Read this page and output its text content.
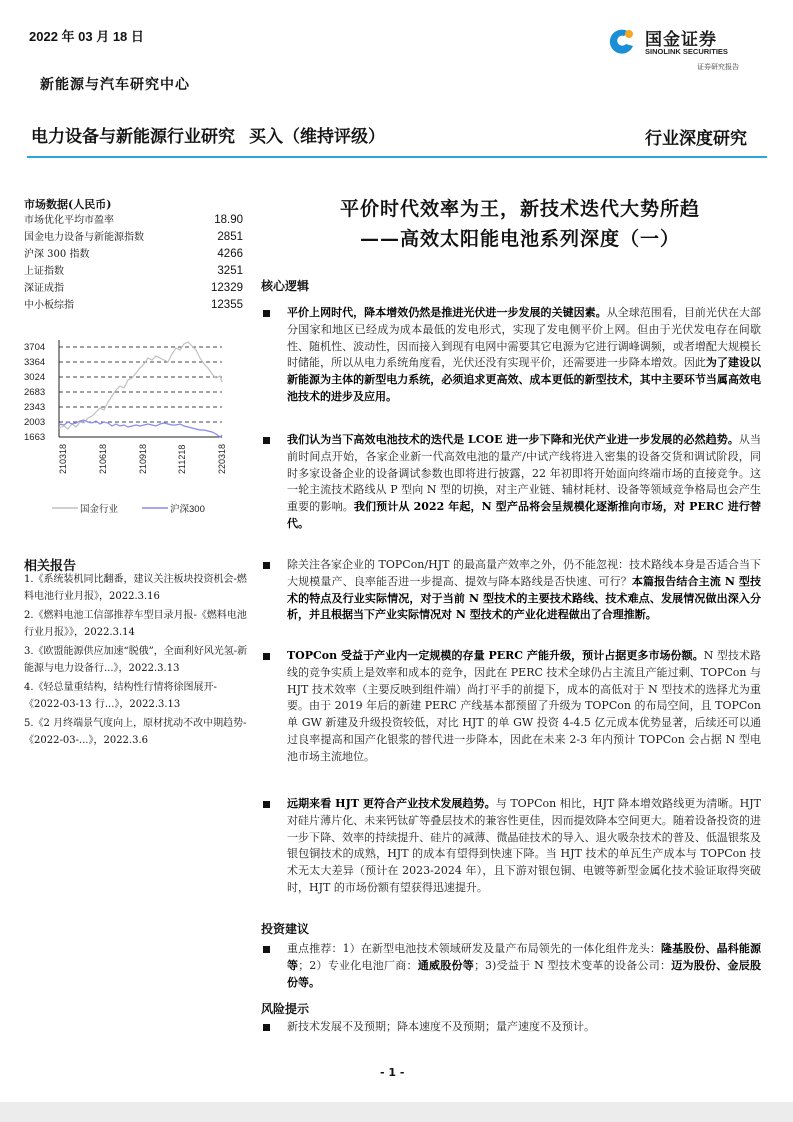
2022 年 03 月 18 日
新能源与汽车研究中心
电力设备与新能源行业研究 买入（维持评级）	行业深度研究
国金证券
SINOLINK SECURITIES
证券研究报告
市场数据(人民币)
市场优化平均市盈率	18.90
国金电力设备与新能源指数	2851
沪深 300 指数	4266
上证指数	3251
深证成指	12329
中小板综指	12355
3704
3364
3024
2683
2343
2003
1663
210318	210618	210918	211218	220318
国金行业	沪深300
相关报告
1.《系统装机同比翻番，建议关注板块投资机会-燃料电池行业月报》，2022.3.16
2.《燃料电池工信部推荐车型目录月报-《燃料电池行业月报》》，2022.3.14
3.《欧盟能源供应加速“脱俄”，全面利好风光氢-新能源与电力设备行...》，2022.3.13
4.《轻总量重结构，结构性行情将徐图展开-《2022-03-13 行...》，2022.3.13
5.《2 月终端景气度向上，原材扰动不改中期趋势-《2022-03-...》，2022.3.6
平价时代效率为王，新技术迭代大势所趋
——高效太阳能电池系列深度（一）
核心逻辑
平价上网时代，降本增效仍然是推进光伏进一步发展的关键因素。从全球范围看，目前光伏在大部分国家和地区已经成为成本最低的发电形式，实现了发电侧平价上网。但由于光伏发电存在间歇性、随机性、波动性，因而接入到现有电网中需要其它电源为它进行调峰调频，或者增配大规模长时储能，所以从电力系统角度看，光伏还没有实现平价，还需要进一步降本增效。因此为了建设以新能源为主体的新型电力系统，必须追求更高效、成本更低的新型技术，其中主要环节当属高效电池技术的进步及应用。
我们认为当下高效电池技术的迭代是 LCOE 进一步下降和光伏产业进一步发展的必然趋势。从当前时间点开始，各家企业新一代高效电池的量产/中试产线将进入密集的设备交货和调试阶段，同时多家设备企业的设备调试参数也即将进行披露，22 年初即将开始面向终端市场的直接竞争。这一轮主流技术路线从 P 型向 N 型的切换，对主产业链、辅材耗材、设备等领域竞争格局也会产生重要的影响。我们预计从 2022 年起，N 型产品将会呈规模化逐渐推向市场，对 PERC 进行替代。
除关注各家企业的 TOPCon/HJT 的最高量产效率之外，仍不能忽视：技术路线本身是否适合当下大规模量产、良率能否进一步提高、提效与降本路线是否快速、可行？本篇报告结合主流 N 型技术的特点及行业实际情况，对于当前 N 型技术的主要技术路线、技术难点、发展情况做出深入分析，并且根据当下产业实际情况对 N 型技术的产业化进程做出了合理推断。
TOPCon 受益于产业内一定规模的存量 PERC 产能升级，预计占据更多市场份额。N 型技术路线的竞争实质上是效率和成本的竞争，因此在 PERC 技术全球仍占主流且产能过剩、TOPCon 与 HJT 技术效率（主要反映到组件端）尚打平手的前提下，成本的高低对于 N 型技术的选择尤为重要。由于 2019 年后的新建 PERC 产线基本都预留了升级为 TOPCon 的布局空间，且 TOPCon 单 GW 新建及升级投资较低，对比 HJT 的单 GW 投资 4-4.5 亿元成本优势显著，后续还可以通过良率提高和国产化银浆的替代进一步降本，因此在未来 2-3 年内预计 TOPCon 会占据 N 型电池市场主流地位。
远期来看 HJT 更符合产业技术发展趋势。与 TOPCon 相比，HJT 降本增效路线更为清晰。HJT 对硅片薄片化、未来钙钛矿等叠层技术的兼容性更佳，因而提效降本空间更大。随着设备投资的进一步下降、效率的持续提升、硅片的减薄、微晶硅技术的导入、退火吸杂技术的普及、低温银浆及银包铜技术的成熟，HJT 的成本有望得到快速下降。当 HJT 技术的单瓦生产成本与 TOPCon 技术无太大差异（预计在 2023-2024 年），且下游对银包铜、电镀等新型金属化技术验证取得突破时，HJT 的市场份额有望获得迅速提升。
投资建议
重点推荐：1）在新型电池技术领域研发及量产布局领先的一体化组件龙头：隆基股份、晶科能源等；2）专业化电池厂商：通威股份等；3)受益于 N 型技术变革的设备公司：迈为股份、金辰股份等。
风险提示
新技术发展不及预期；降本速度不及预期；量产速度不及预计。
- 1 -
